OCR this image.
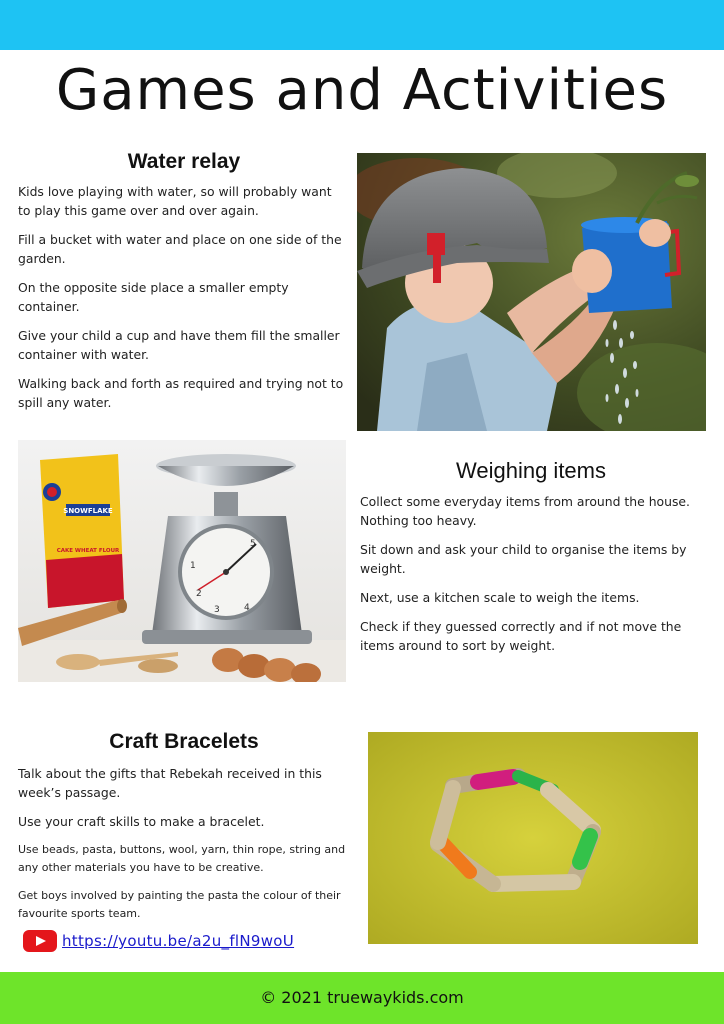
Games and Activities
Water relay

Kids love playing with water, so will probably want to play this game over and over again.

Fill a bucket with water and place on one side of the garden.

On the opposite side place a smaller empty container.

Give your child a cup and have them fill the smaller container with water.

Walking back and forth as required and trying not to spill any water.

SNOWFLAKE
CAKE WHEAT FLOUR
1
2
3	4
5
Weighing items

Collect some everyday items from around the house. Nothing too heavy.

Sit down and ask your child to organise the items by weight.

Next, use a kitchen scale to weigh the items.

Check if they guessed correctly and if not move the items around to sort by weight.

Craft Bracelets

Talk about the gifts that Rebekah received in this week’s passage.

Use your craft skills to make a bracelet.

Use beads, pasta, buttons, wool, yarn, thin rope, string and any other materials you have to be creative.

Get boys involved by painting the pasta the colour of their favourite sports team.

https://youtu.be/a2u_flN9woU
© 2021 truewaykids.com
